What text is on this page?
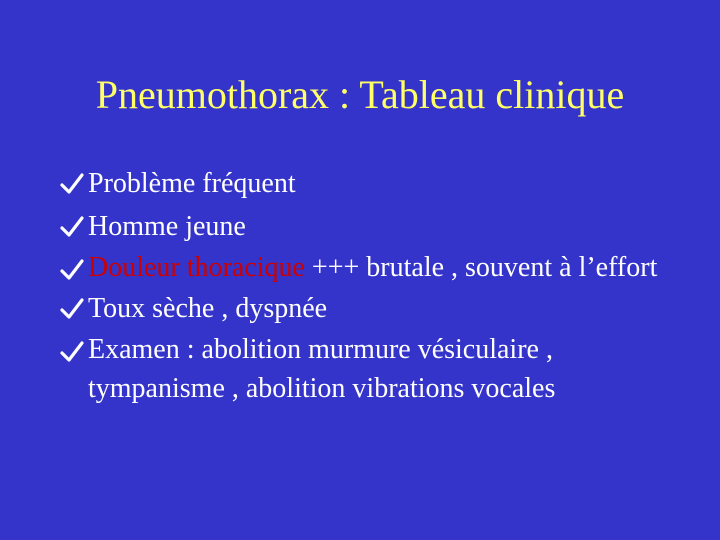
Pneumothorax : Tableau clinique
Problème fréquent
Homme jeune
Douleur thoracique +++ brutale , souvent à l’effort
Toux sèche , dyspnée
Examen : abolition murmure vésiculaire , tympanisme , abolition vibrations vocales
